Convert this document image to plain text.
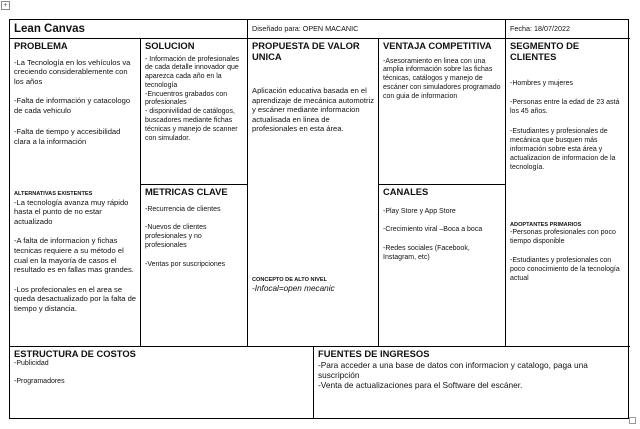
+
Lean Canvas	Diseñado para: OPEN MACANIC	Fecha: 18/07/2022
PROBLEMA

-La Tecnología en los vehículos va creciendo considerablemente con los años

-Falta de información y catacologo de cada vehiculo

-Falta de tiempo y accesibilidad clara a la información

ALTERNATIVAS EXISTENTES

-La tecnología avanza muy rápido hasta el punto de no estar actualizado

-A falta de informacion y fichas tecnicas requiere a su método el cual en la mayoría de casos el resultado es en fallas mas grandes.

-Los profecionales en el area se queda desactualizado por la falta de tiempo y distancia.

SOLUCION

- Información de profesionales de cada detalle innovador que aparezca cada año en la tecnología

-Encuentros grabados con profesionales

- disponivilidad de catálogos, buscadores mediante fichas técnicas y manejo de scanner con simulador.

METRICAS CLAVE

-Recurrencia de clientes

-Nuevos de clientes profesionales y no profesionales

-Ventas por suscripciones

PROPUESTA DE VALOR UNICA

Aplicación educativa basada en el aprendizaje de mecánica automotriz y escáner mediante informacion actualisada en linea de profesionales en esta área.

CONCEPTO DE ALTO NIVEL

-Infocal=open mecanic

VENTAJA COMPETITIVA

-Asesoramiento en linea con una amplia información sobre las fichas técnicas, catálogos y manejo de escáner con simuladores programado con guia de informacion

CANALES

-Play Store y App Store

-Crecimiento viral –Boca a boca

-Redes sociales (Facebook, Instagram, etc)

SEGMENTO DE CLIENTES

-Hombres y mujeres

-Personas entre la edad de 23 astá los 45 años.

-Estudiantes y profesionales de mecánica que busquen más información sobre esta área y actualizacion de informacion de la tecnología.

ADOPTANTES PRIMARIOS

-Personas profesionales con poco tiempo disponible

-Estudiantes y profesionales con poco conocimiento de la tecnología actual

ESTRUCTURA DE COSTOS

-Publicidad

-Programadores

FUENTES DE INGRESOS

-Para acceder a una base de datos con informacion y catalogo, paga una suscripción

-Venta de actualizaciones para el Software del escáner.
